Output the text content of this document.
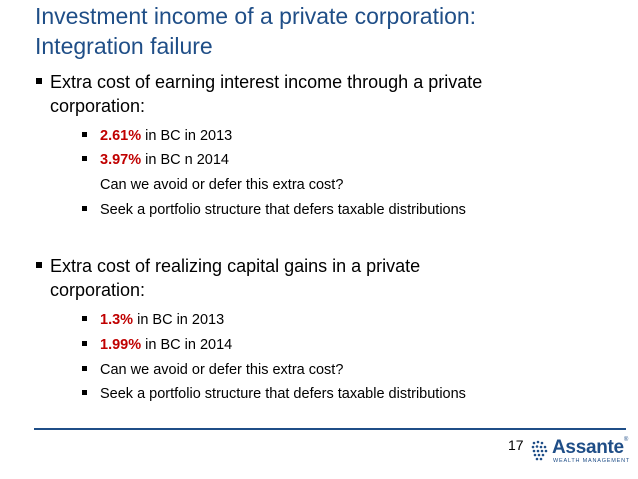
Investment income of a private corporation:
Integration failure
Extra cost of earning interest income through a private
corporation:
2.61% in BC in 2013
3.97% in BC n 2014
Can we avoid or defer this extra cost?
Seek a portfolio structure that defers taxable distributions
Extra cost of realizing capital gains in a private
corporation:
1.3% in BC in 2013
1.99% in BC in 2014
Can we avoid or defer this extra cost?
Seek a portfolio structure that defers taxable distributions
17 Assante®
WEALTH MANAGEMENT
